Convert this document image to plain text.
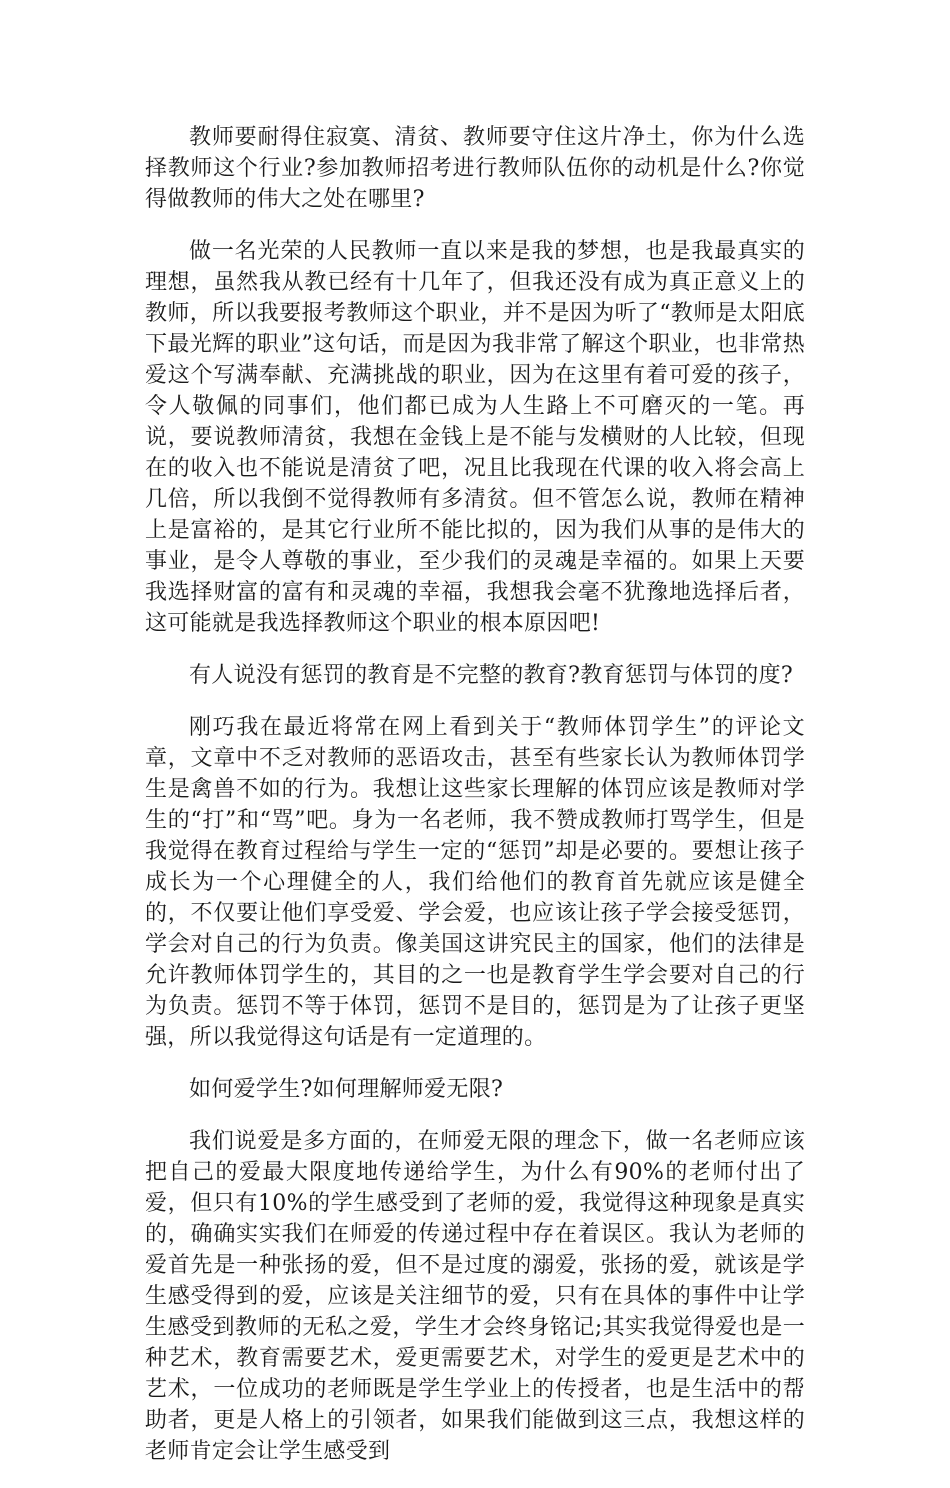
教师要耐得住寂寞、清贫、教师要守住这片净土，你为什么选择教师这个行业?参加教师招考进行教师队伍你的动机是什么?你觉得做教师的伟大之处在哪里?

做一名光荣的人民教师一直以来是我的梦想，也是我最真实的理想，虽然我从教已经有十几年了，但我还没有成为真正意义上的教师，所以我要报考教师这个职业，并不是因为听了“教师是太阳底下最光辉的职业”这句话，而是因为我非常了解这个职业，也非常热爱这个写满奉献、充满挑战的职业，因为在这里有着可爱的孩子，令人敬佩的同事们，他们都已成为人生路上不可磨灭的一笔。再说，要说教师清贫，我想在金钱上是不能与发横财的人比较，但现在的收入也不能说是清贫了吧，况且比我现在代课的收入将会高上几倍，所以我倒不觉得教师有多清贫。但不管怎么说，教师在精神上是富裕的，是其它行业所不能比拟的，因为我们从事的是伟大的事业，是令人尊敬的事业，至少我们的灵魂是幸福的。如果上天要我选择财富的富有和灵魂的幸福，我想我会毫不犹豫地选择后者，这可能就是我选择教师这个职业的根本原因吧!

有人说没有惩罚的教育是不完整的教育?教育惩罚与体罚的度?

刚巧我在最近将常在网上看到关于“教师体罚学生”的评论文章，文章中不乏对教师的恶语攻击，甚至有些家长认为教师体罚学生是禽兽不如的行为。我想让这些家长理解的体罚应该是教师对学生的“打”和“骂”吧。身为一名老师，我不赞成教师打骂学生，但是我觉得在教育过程给与学生一定的“惩罚”却是必要的。要想让孩子成长为一个心理健全的人，我们给他们的教育首先就应该是健全的，不仅要让他们享受爱、学会爱，也应该让孩子学会接受惩罚，学会对自己的行为负责。像美国这讲究民主的国家，他们的法律是允许教师体罚学生的，其目的之一也是教育学生学会要对自己的行为负责。惩罚不等于体罚，惩罚不是目的，惩罚是为了让孩子更坚强，所以我觉得这句话是有一定道理的。

如何爱学生?如何理解师爱无限?

我们说爱是多方面的，在师爱无限的理念下，做一名老师应该把自己的爱最大限度地传递给学生，为什么有90%的老师付出了爱，但只有10%的学生感受到了老师的爱，我觉得这种现象是真实的，确确实实我们在师爱的传递过程中存在着误区。我认为老师的爱首先是一种张扬的爱，但不是过度的溺爱，张扬的爱，就该是学生感受得到的爱，应该是关注细节的爱，只有在具体的事件中让学生感受到教师的无私之爱，学生才会终身铭记;其实我觉得爱也是一种艺术，教育需要艺术，爱更需要艺术，对学生的爱更是艺术中的艺术，一位成功的老师既是学生学业上的传授者，也是生活中的帮助者，更是人格上的引领者，如果我们能做到这三点，我想这样的老师肯定会让学生感受到
